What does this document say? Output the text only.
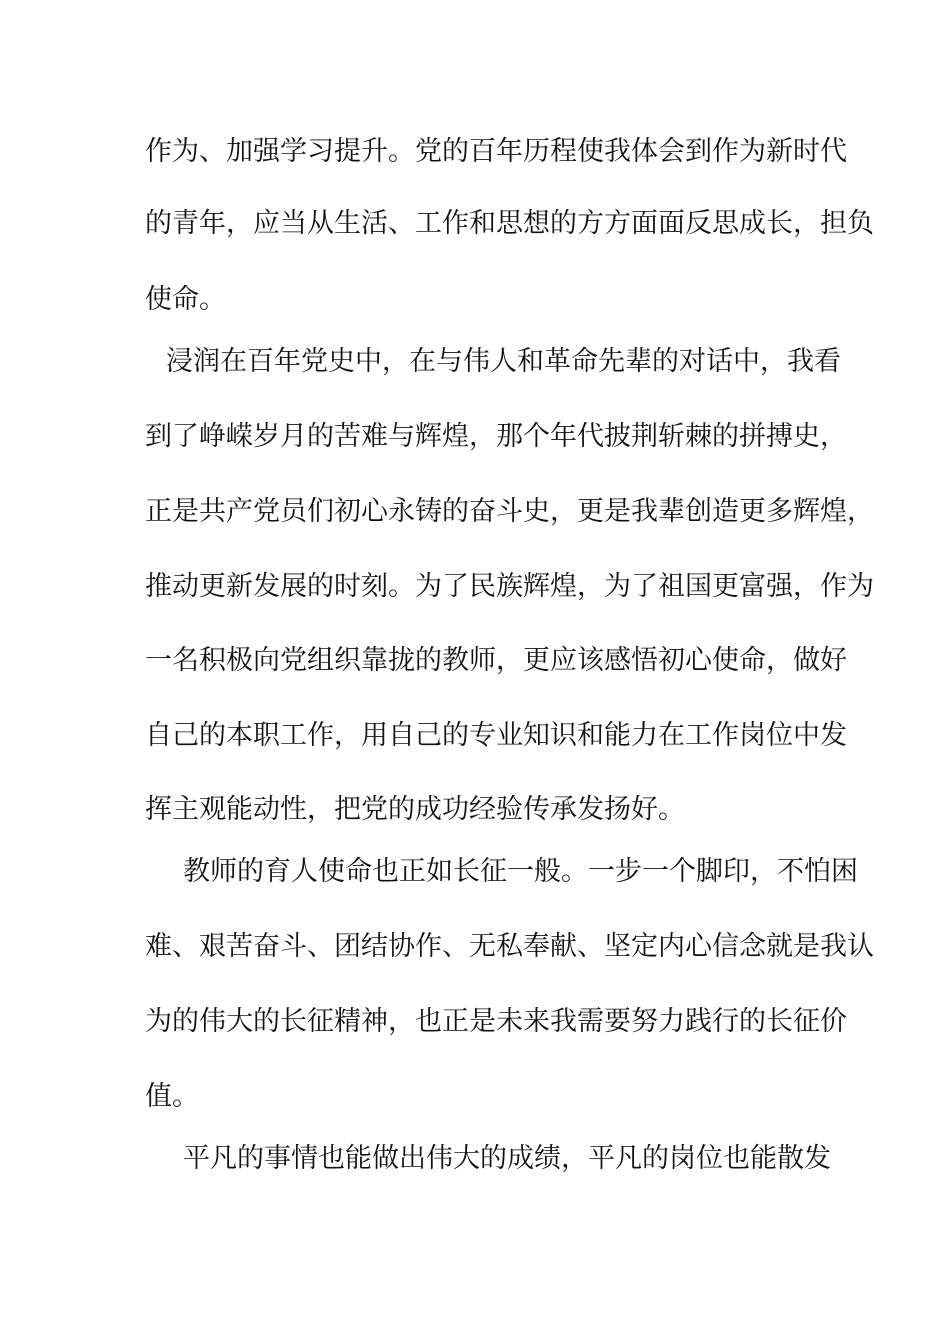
作为、加强学习提升。党的百年历程使我体会到作为新时代
的青年，应当从生活、工作和思想的方方面面反思成长，担负
使命。
浸润在百年党史中，在与伟人和革命先辈的对话中，我看
到了峥嵘岁月的苦难与辉煌，那个年代披荆斩棘的拼搏史，
正是共产党员们初心永铸的奋斗史，更是我辈创造更多辉煌，
推动更新发展的时刻。为了民族辉煌，为了祖国更富强，作为
一名积极向党组织靠拢的教师，更应该感悟初心使命，做好
自己的本职工作，用自己的专业知识和能力在工作岗位中发
挥主观能动性，把党的成功经验传承发扬好。
教师的育人使命也正如长征一般。一步一个脚印，不怕困
难、艰苦奋斗、团结协作、无私奉献、坚定内心信念就是我认
为的伟大的长征精神，也正是未来我需要努力践行的长征价
值。
平凡的事情也能做出伟大的成绩，平凡的岗位也能散发
